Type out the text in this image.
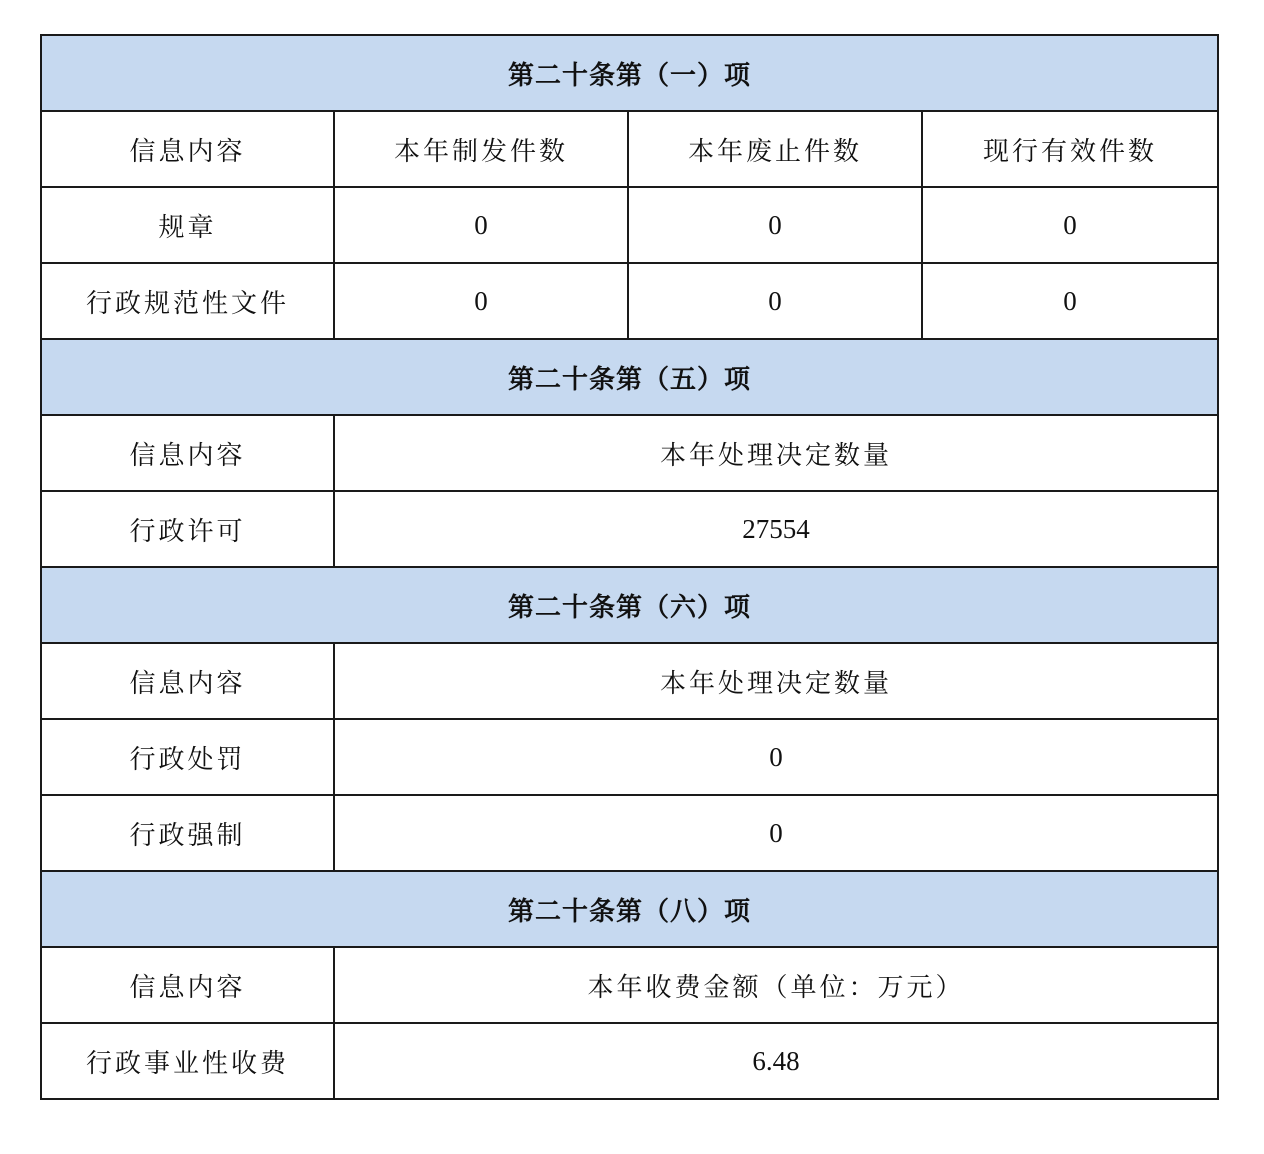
第二十条第（一）项			
信息内容	本年制发件数	本年废止件数	现行有效件数
规章	0	0	0
行政规范性文件	0	0	0
第二十条第（五）项			
信息内容	本年处理决定数量		
行政许可	27554		
第二十条第（六）项			
信息内容	本年处理决定数量		
行政处罚	0		
行政强制	0		
第二十条第（八）项			
信息内容	本年收费金额（单位：万元）		
行政事业性收费	6.48		
